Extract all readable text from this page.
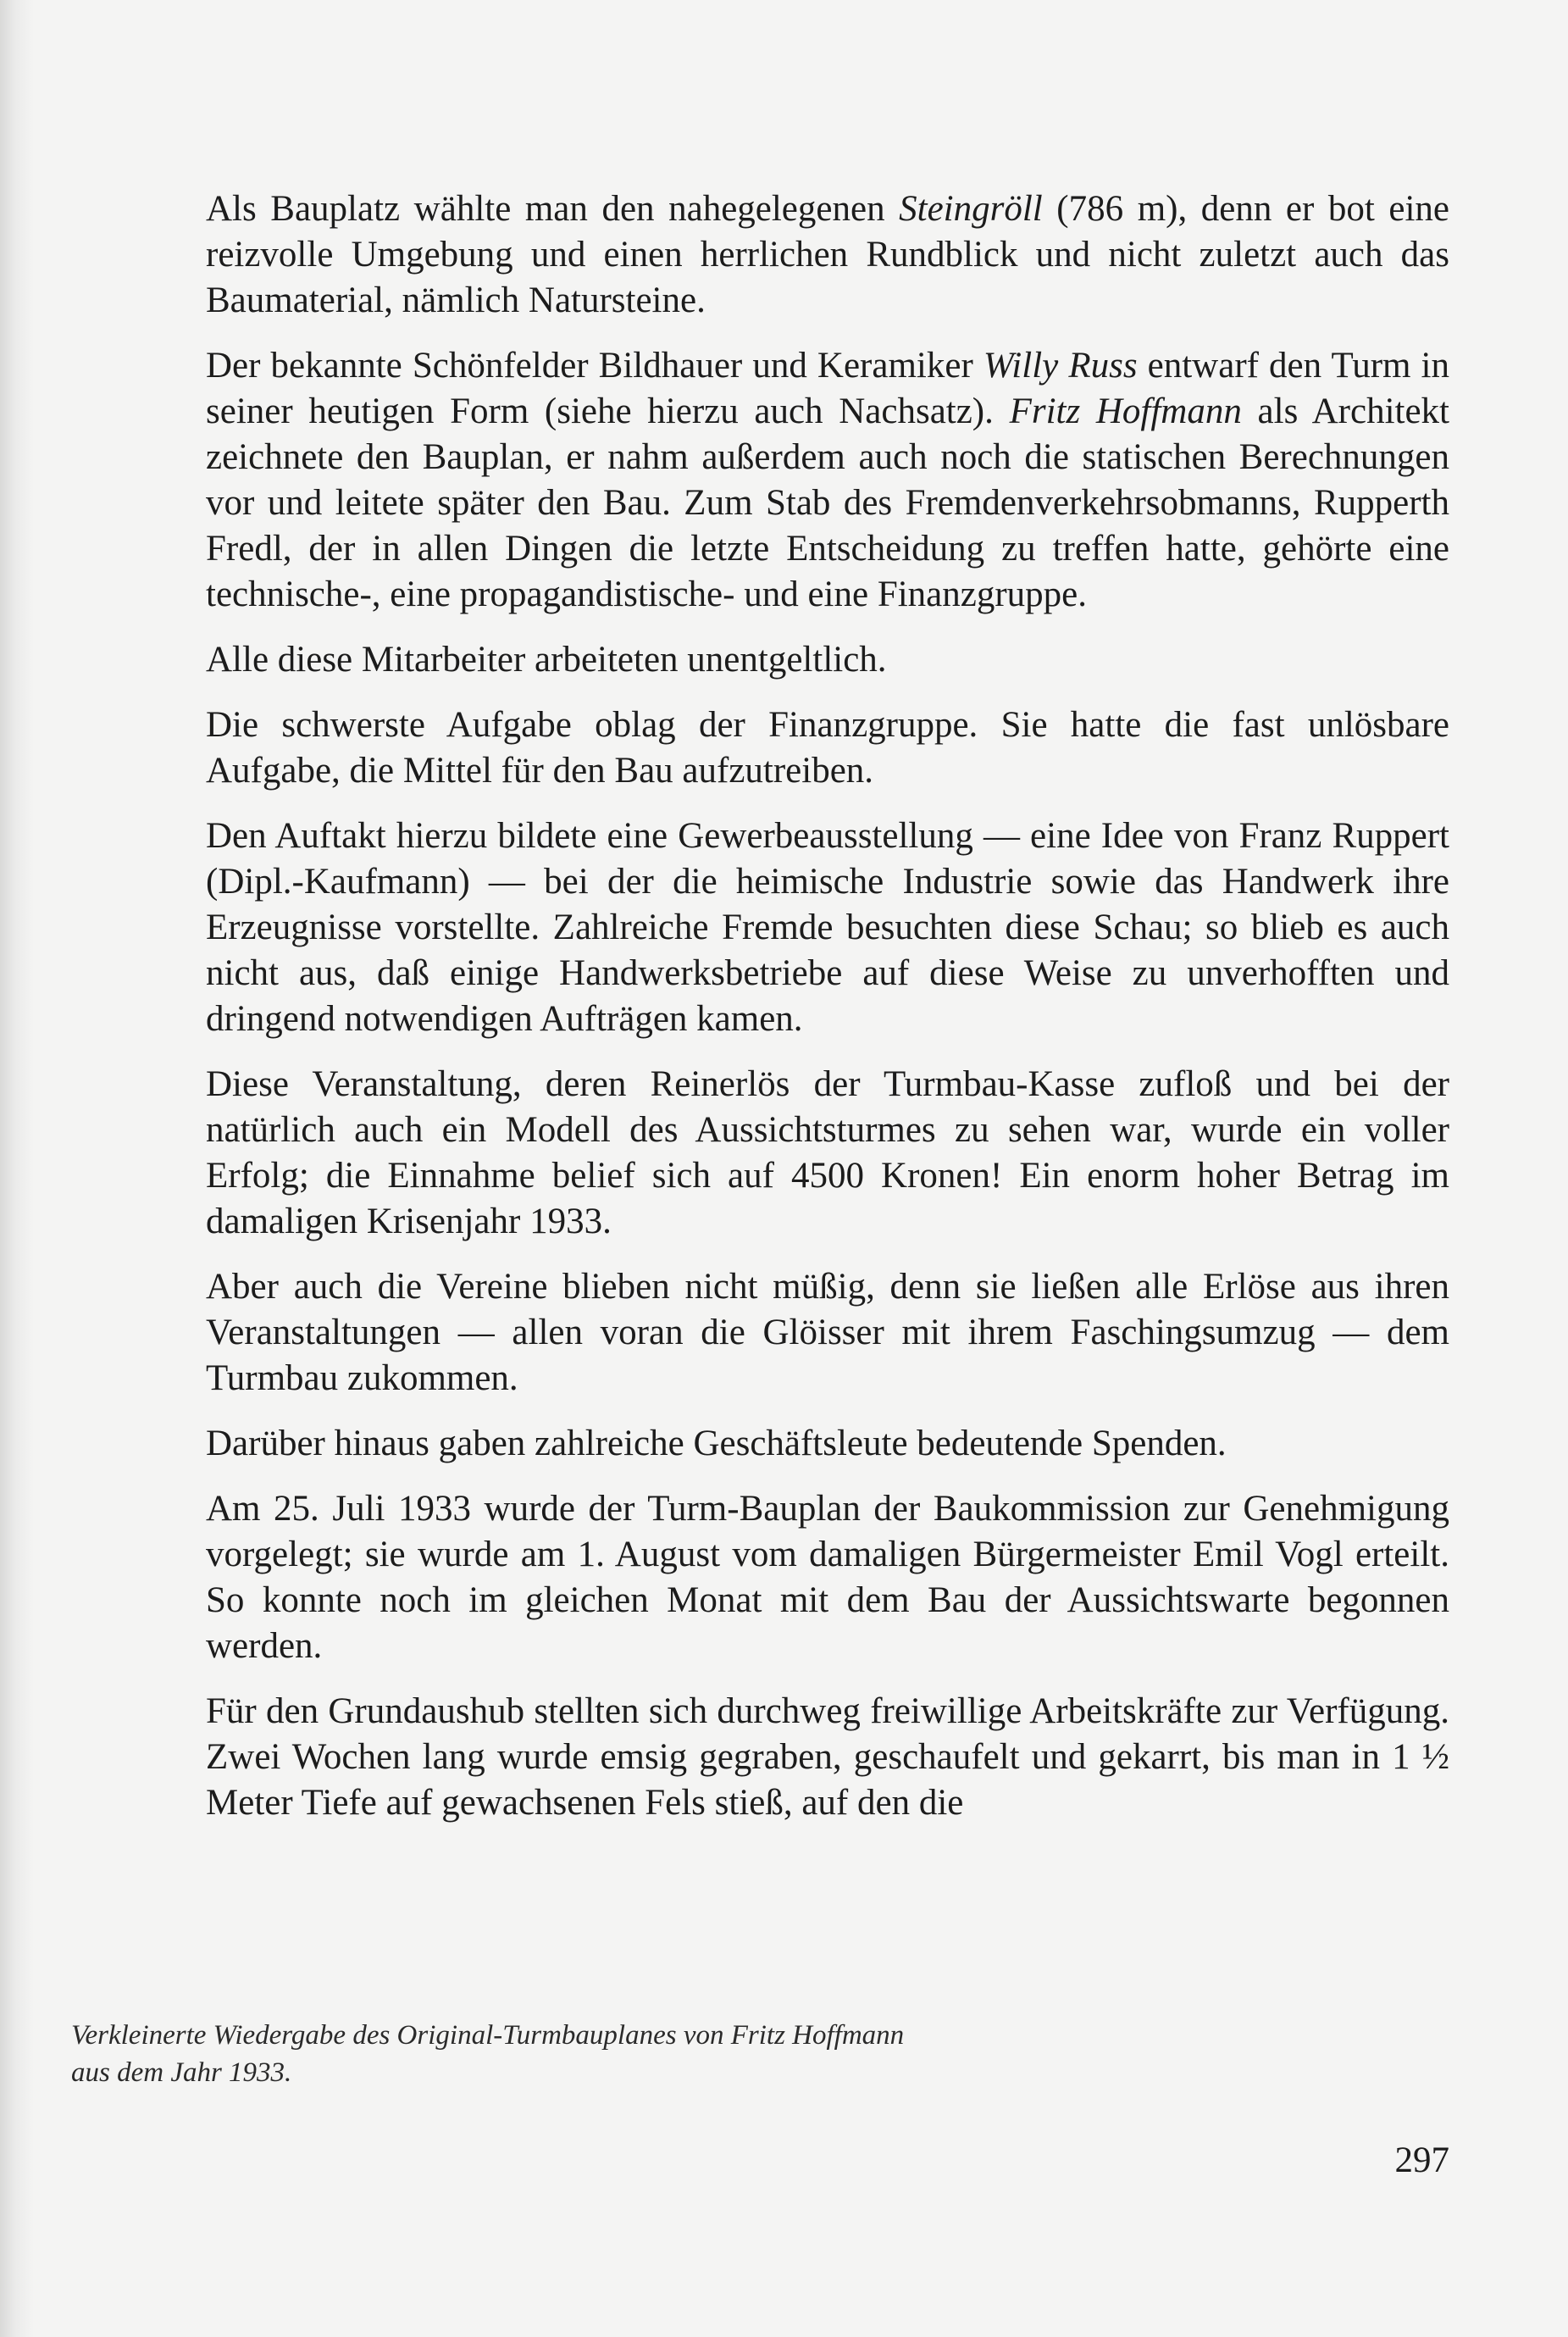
Als Bauplatz wählte man den nahegelegenen Steingröll (786 m), denn er bot eine reizvolle Umgebung und einen herrlichen Rundblick und nicht zuletzt auch das Baumaterial, nämlich Natursteine.

Der bekannte Schönfelder Bildhauer und Keramiker Willy Russ entwarf den Turm in seiner heutigen Form (siehe hierzu auch Nachsatz). Fritz Hoffmann als Architekt zeichnete den Bauplan, er nahm außerdem auch noch die statischen Berechnungen vor und leitete später den Bau. Zum Stab des Fremdenverkehrsobmanns, Rupperth Fredl, der in allen Dingen die letzte Entscheidung zu treffen hatte, gehörte eine technische-, eine propagandistische- und eine Finanzgruppe.

Alle diese Mitarbeiter arbeiteten unentgeltlich.

Die schwerste Aufgabe oblag der Finanzgruppe. Sie hatte die fast unlösbare Aufgabe, die Mittel für den Bau aufzutreiben.

Den Auftakt hierzu bildete eine Gewerbeausstellung — eine Idee von Franz Ruppert (Dipl.-Kaufmann) — bei der die heimische Industrie sowie das Handwerk ihre Erzeugnisse vorstellte. Zahlreiche Fremde besuchten diese Schau; so blieb es auch nicht aus, daß einige Handwerksbetriebe auf diese Weise zu unverhofften und dringend notwendigen Aufträgen kamen.

Diese Veranstaltung, deren Reinerlös der Turmbau-Kasse zufloß und bei der natürlich auch ein Modell des Aussichtsturmes zu sehen war, wurde ein voller Erfolg; die Einnahme belief sich auf 4500 Kronen! Ein enorm hoher Betrag im damaligen Krisenjahr 1933.

Aber auch die Vereine blieben nicht müßig, denn sie ließen alle Erlöse aus ihren Veranstaltungen — allen voran die Glöisser mit ihrem Faschingsumzug — dem Turmbau zukommen.

Darüber hinaus gaben zahlreiche Geschäftsleute bedeutende Spenden.

Am 25. Juli 1933 wurde der Turm-Bauplan der Baukommission zur Genehmigung vorgelegt; sie wurde am 1. August vom damaligen Bürgermeister Emil Vogl erteilt. So konnte noch im gleichen Monat mit dem Bau der Aussichtswarte begonnen werden.

Für den Grundaushub stellten sich durchweg freiwillige Arbeitskräfte zur Verfügung. Zwei Wochen lang wurde emsig gegraben, geschaufelt und gekarrt, bis man in 1 ½ Meter Tiefe auf gewachsenen Fels stieß, auf den die

Verkleinerte Wiedergabe des Original-Turmbauplanes von Fritz Hoffmann
aus dem Jahr 1933.
297
